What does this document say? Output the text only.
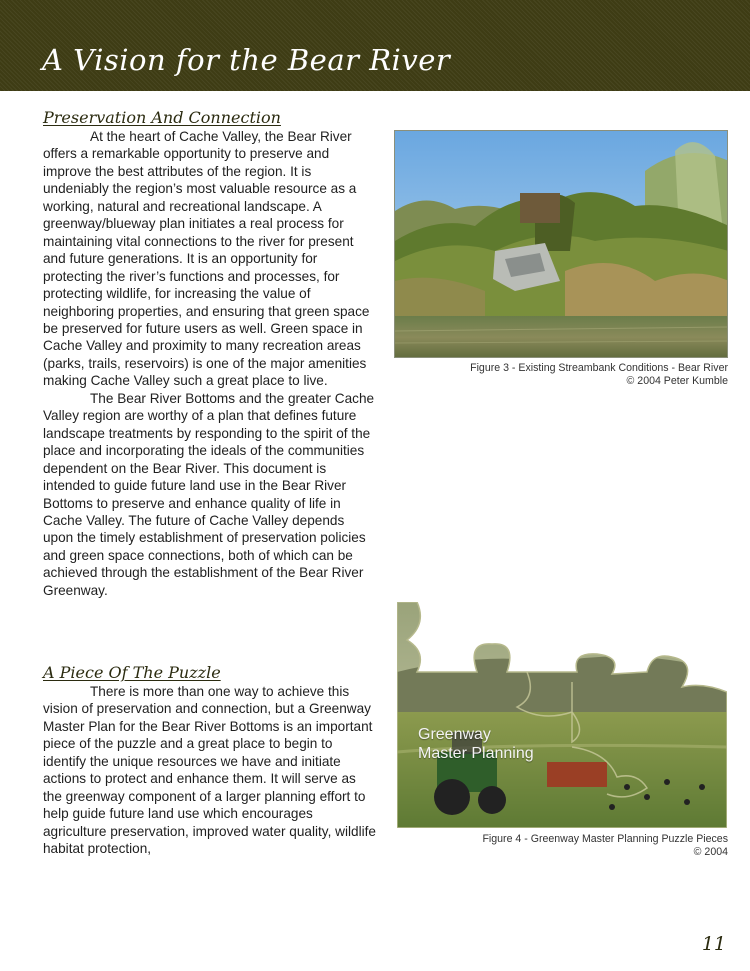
A Vision for the Bear River
Preservation And Connection

At the heart of Cache Valley, the Bear River offers a remarkable opportunity to preserve and improve the best attributes of the region. It is undeniably the region’s most valuable resource as a working, natural and recreational landscape. A greenway/blueway plan initiates a real process for maintaining vital connections to the river for present and future generations. It is an opportunity for protecting the river’s functions and processes, for protecting wildlife, for increasing the value of neighboring properties, and ensuring that green space be preserved for future users as well. Green space in Cache Valley and proximity to many recreation areas (parks, trails, reservoirs) is one of the major amenities making Cache Valley such a great place to live.

The Bear River Bottoms and the greater Cache Valley region are worthy of a plan that defines future landscape treatments by responding to the spirit of the place and incorporating the ideals of the communities dependent on the Bear River. This document is intended to guide future land use in the Bear River Bottoms to preserve and enhance quality of life in Cache Valley. The future of Cache Valley depends upon the timely establishment of preservation policies and green space connections, both of which can be achieved through the establishment of the Bear River Greenway.

A Piece Of The Puzzle

There is more than one way to achieve this vision of preservation and connection, but a Greenway Master Plan for the Bear River Bottoms is an important piece of the puzzle and a great place to begin to identify the unique resources we have and initiate actions to protect and enhance them. It will serve as the greenway component of a larger planning effort to help guide future land use which encourages agriculture preservation, improved water quality, wildlife habitat protection,

Figure 3 - Existing Streambank Conditions - Bear River
© 2004 Peter Kumble
Greenway
Master Planning
Figure 4 - Greenway Master Planning Puzzle Pieces
© 2004
11
